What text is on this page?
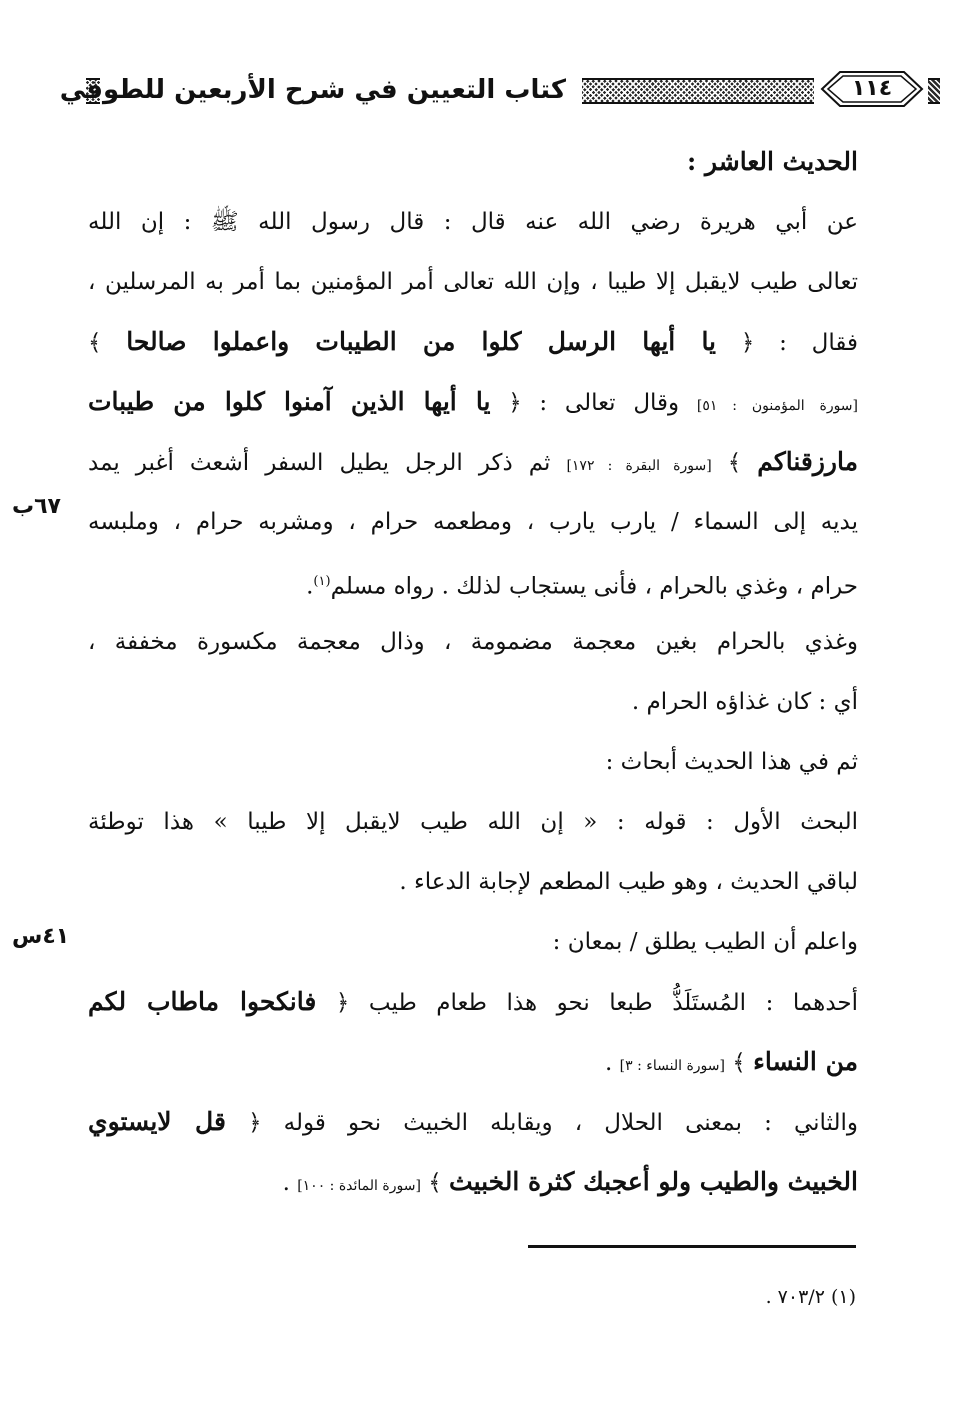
كتاب التعيين في شرح الأربعين للطوفي	١١٤
٦٧ب
٤١س
الحديث العاشر :
عن أبي هريرة رضي الله عنه قال : قال رسول الله ﷺ : إن الله
تعالى طيب لايقبل إلا طيبا ، وإن الله تعالى أمر المؤمنين بما أمر به المرسلين ،
فقال : ﴿ يا أيها الرسل كلوا من الطيبات واعملوا صالحا ﴾
[سورة المؤمنون : ٥١] وقال تعالى : ﴿ يا أيها الذين آمنوا كلوا من طيبات
مارزقناكم ﴾ [سورة البقرة : ١٧٢] ثم ذكر الرجل يطيل السفر أشعث أغبر يمد
يديه إلى السماء / يارب يارب ، ومطعمه حرام ، ومشربه حرام ، وملبسه
حرام ، وغذي بالحرام ، فأنى يستجاب لذلك . رواه مسلم$^{(١)}$.
وغذي بالحرام بغين معجمة مضمومة ، وذال معجمة مكسورة مخففة ،
أي : كان غذاؤه الحرام .
ثم في هذا الحديث أبحاث :
البحث الأول : قوله : « إن الله طيب لايقبل إلا طيبا » هذا توطئة
لباقي الحديث ، وهو طيب المطعم لإجابة الدعاء .
واعلم أن الطيب يطلق / بمعان :
أحدهما : المُستَلَذُّ طبعا نحو هذا طعام طيب ﴿ فانكحوا ماطاب لكم
من النساء ﴾ [سورة النساء : ٣] .
والثاني : بمعنى الحلال ، ويقابله الخبيث نحو قوله ﴿ قل لايستوي
الخبيث والطيب ولو أعجبك كثرة الخبيث ﴾ [سورة المائدة : ١٠٠] .
(١) ٧٠٣/٢ .
